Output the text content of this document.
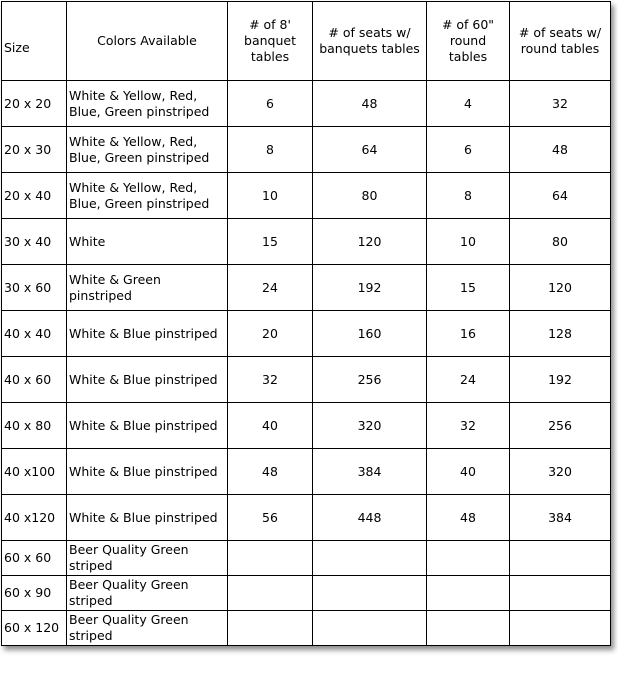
Size	Colors Available	# of 8' banquet tables	# of seats w/ banquets tables	# of 60" round tables	# of seats w/ round tables
20 x 20	White & Yellow, Red, Blue, Green pinstriped	6	48	4	32
20 x 30	White & Yellow, Red, Blue, Green pinstriped	8	64	6	48
20 x 40	White & Yellow, Red, Blue, Green pinstriped	10	80	8	64
30 x 40	White	15	120	10	80
30 x 60	White & Green pinstriped	24	192	15	120
40 x 40	White & Blue pinstriped	20	160	16	128
40 x 60	White & Blue pinstriped	32	256	24	192
40 x 80	White & Blue pinstriped	40	320	32	256
40 x100	White & Blue pinstriped	48	384	40	320
40 x120	White & Blue pinstriped	56	448	48	384
60 x 60	Beer Quality Green striped				
60 x 90	Beer Quality Green striped				
60 x 120	Beer Quality Green striped				
